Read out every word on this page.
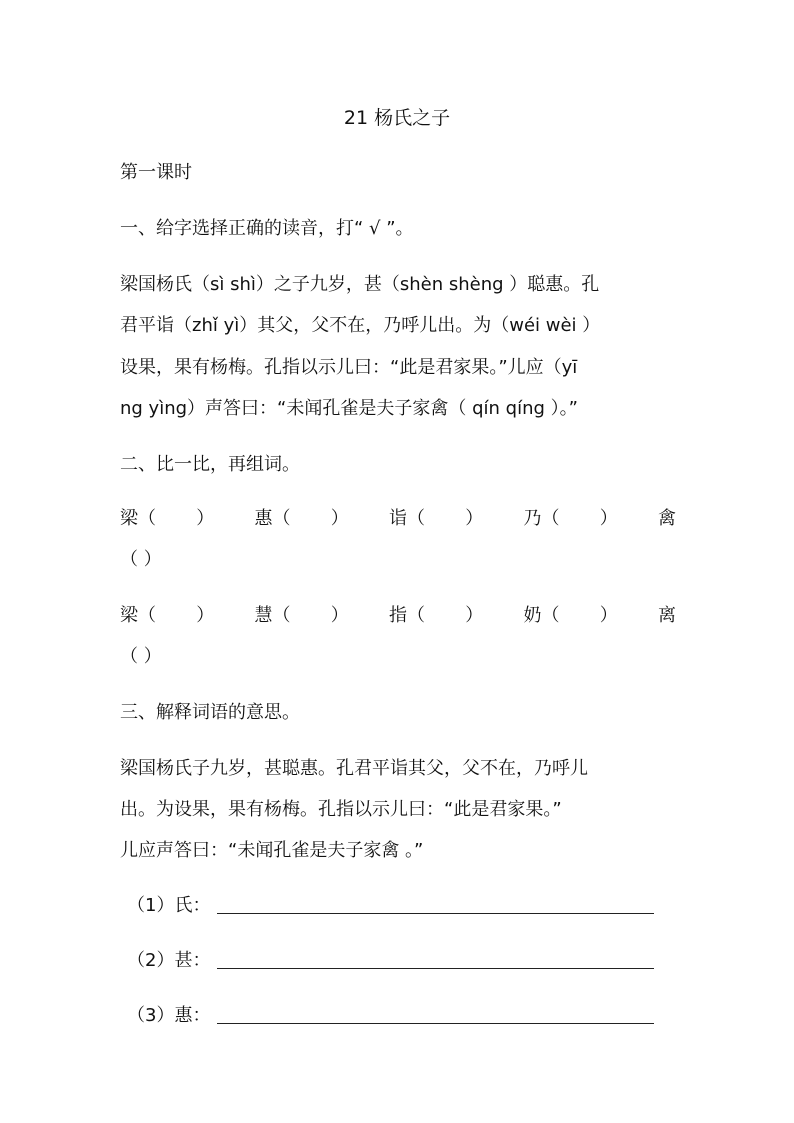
21 杨氏之子
第一课时
一、给字选择正确的读音，打“ √ ”。
梁国杨氏（sì shì）之子九岁，甚（shèn shèng ）聪惠。孔
君平诣（zhǐ yì）其父，父不在，乃呼儿出。为（wéi wèi ）
设果，果有杨梅。孔指以示儿曰：“此是君家果。”儿应（yī
ng yìng）声答曰：“未闻孔雀是夫子家禽（ qín qíng ）。”
二、比一比，再组词。
梁（ ） 惠（ ） 诣（ ） 乃（ ） 禽
（ ）
梁（ ） 慧（ ） 指（ ） 奶（ ） 离
（ ）
三、解释词语的意思。
梁国杨氏子九岁，甚聪惠。孔君平诣其父，父不在，乃呼儿
出。为设果，果有杨梅。孔指以示儿曰：“此是君家果。”
儿应声答曰：“未闻孔雀是夫子家禽 。”
（1）氏：
（2）甚：
（3）惠：
